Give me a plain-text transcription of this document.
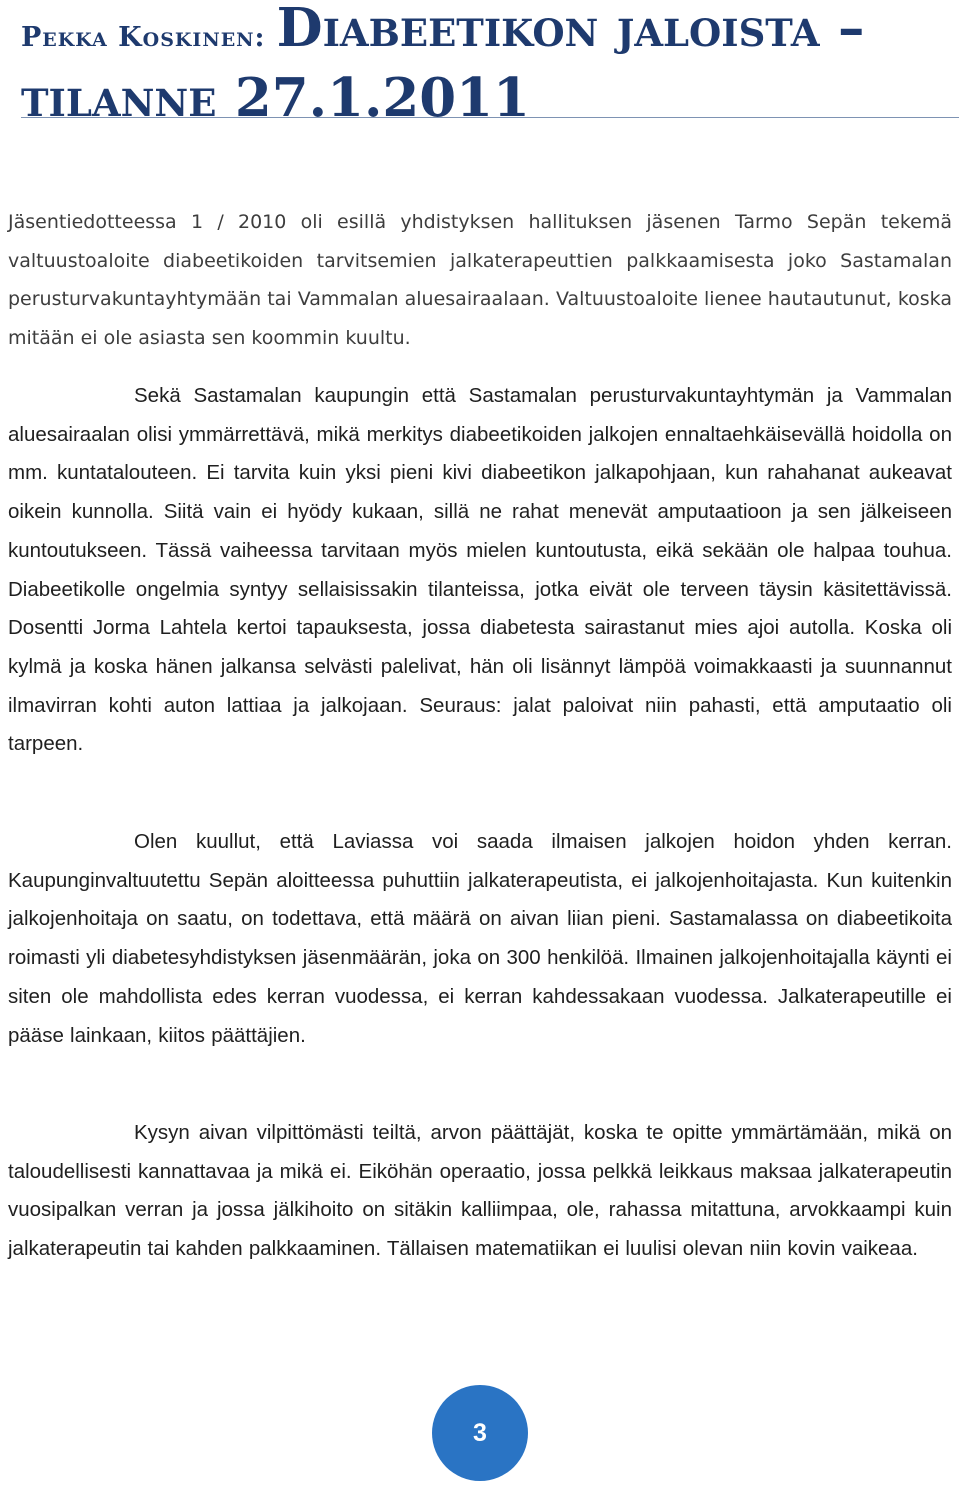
Pekka Koskinen: Diabeetikon jaloista – tilanne 27.1.2011

Jäsentiedotteessa 1 / 2010 oli esillä yhdistyksen hallituksen jäsenen Tarmo Sepän tekemä valtuustoaloite diabeetikoiden tarvitsemien jalkaterapeuttien palkkaamisesta joko Sastamalan perusturvakuntayhtymään tai Vammalan aluesairaalaan. Valtuustoaloite lienee hautautunut, koska mitään ei ole asiasta sen koommin kuultu.

Sekä Sastamalan kaupungin että Sastamalan perusturvakuntayhtymän ja Vammalan aluesairaalan olisi ymmärrettävä, mikä merkitys diabeetikoiden jalkojen ennaltaehkäisevällä hoidolla on mm. kuntatalouteen. Ei tarvita kuin yksi pieni kivi diabeetikon jalkapohjaan, kun rahahanat aukeavat oikein kunnolla. Siitä vain ei hyödy kukaan, sillä ne rahat menevät amputaatioon ja sen jälkeiseen kuntoutukseen. Tässä vaiheessa tarvitaan myös mielen kuntoutusta, eikä sekään ole halpaa touhua. Diabeetikolle ongelmia syntyy sellaisissakin tilanteissa, jotka eivät ole terveen täysin käsitettävissä. Dosentti Jorma Lahtela kertoi tapauksesta, jossa diabetesta sairastanut mies ajoi autolla. Koska oli kylmä ja koska hänen jalkansa selvästi palelivat, hän oli lisännyt lämpöä voimakkaasti ja suunnannut ilmavirran kohti auton lattiaa ja jalkojaan. Seuraus: jalat paloivat niin pahasti, että amputaatio oli tarpeen.

Olen kuullut, että Laviassa voi saada ilmaisen jalkojen hoidon yhden kerran. Kaupunginvaltuutettu Sepän aloitteessa puhuttiin jalkaterapeutista, ei jalkojenhoitajasta. Kun kuitenkin jalkojenhoitaja on saatu, on todettava, että määrä on aivan liian pieni. Sastamalassa on diabeetikoita roimasti yli diabetesyhdistyksen jäsenmäärän, joka on 300 henkilöä. Ilmainen jalkojenhoitajalla käynti ei siten ole mahdollista edes kerran vuodessa, ei kerran kahdessakaan vuodessa. Jalkaterapeutille ei pääse lainkaan, kiitos päättäjien.

Kysyn aivan vilpittömästi teiltä, arvon päättäjät, koska te opitte ymmärtämään, mikä on taloudellisesti kannattavaa ja mikä ei. Eiköhän operaatio, jossa pelkkä leikkaus maksaa jalkaterapeutin vuosipalkan verran ja jossa jälkihoito on sitäkin kalliimpaa, ole, rahassa mitattuna, arvokkaampi kuin jalkaterapeutin tai kahden palkkaaminen. Tällaisen matematiikan ei luulisi olevan niin kovin vaikeaa.

3
